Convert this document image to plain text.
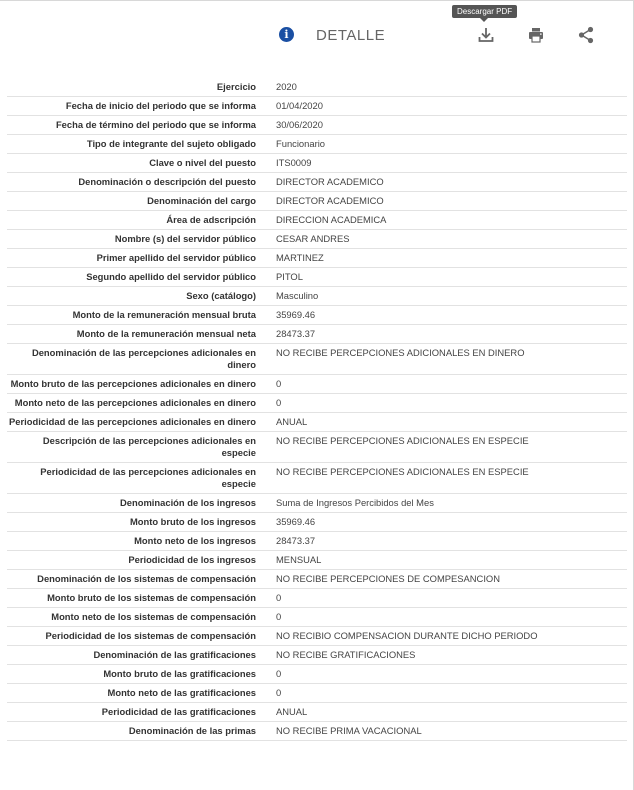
i	DETALLE
Descargar PDF
Ejercicio	2020
Fecha de inicio del periodo que se informa	01/04/2020
Fecha de término del periodo que se informa	30/06/2020
Tipo de integrante del sujeto obligado	Funcionario
Clave o nivel del puesto	ITS0009
Denominación o descripción del puesto	DIRECTOR ACADEMICO
Denominación del cargo	DIRECTOR ACADEMICO
Área de adscripción	DIRECCION ACADEMICA
Nombre (s) del servidor público	CESAR ANDRES
Primer apellido del servidor público	MARTINEZ
Segundo apellido del servidor público	PITOL
Sexo (catálogo)	Masculino
Monto de la remuneración mensual bruta	35969.46
Monto de la remuneración mensual neta	28473.37
Denominación de las percepciones adicionales en dinero	NO RECIBE PERCEPCIONES ADICIONALES EN DINERO
Monto bruto de las percepciones adicionales en dinero	0
Monto neto de las percepciones adicionales en dinero	0
Periodicidad de las percepciones adicionales en dinero	ANUAL
Descripción de las percepciones adicionales en especie	NO RECIBE PERCEPCIONES ADICIONALES EN ESPECIE
Periodicidad de las percepciones adicionales en especie	NO RECIBE PERCEPCIONES ADICIONALES EN ESPECIE
Denominación de los ingresos	Suma de Ingresos Percibidos del Mes
Monto bruto de los ingresos	35969.46
Monto neto de los ingresos	28473.37
Periodicidad de los ingresos	MENSUAL
Denominación de los sistemas de compensación	NO RECIBE PERCEPCIONES DE COMPESANCION
Monto bruto de los sistemas de compensación	0
Monto neto de los sistemas de compensación	0
Periodicidad de los sistemas de compensación	NO RECIBIO COMPENSACION DURANTE DICHO PERIODO
Denominación de las gratificaciones	NO RECIBE GRATIFICACIONES
Monto bruto de las gratificaciones	0
Monto neto de las gratificaciones	0
Periodicidad de las gratificaciones	ANUAL
Denominación de las primas	NO RECIBE PRIMA VACACIONAL
